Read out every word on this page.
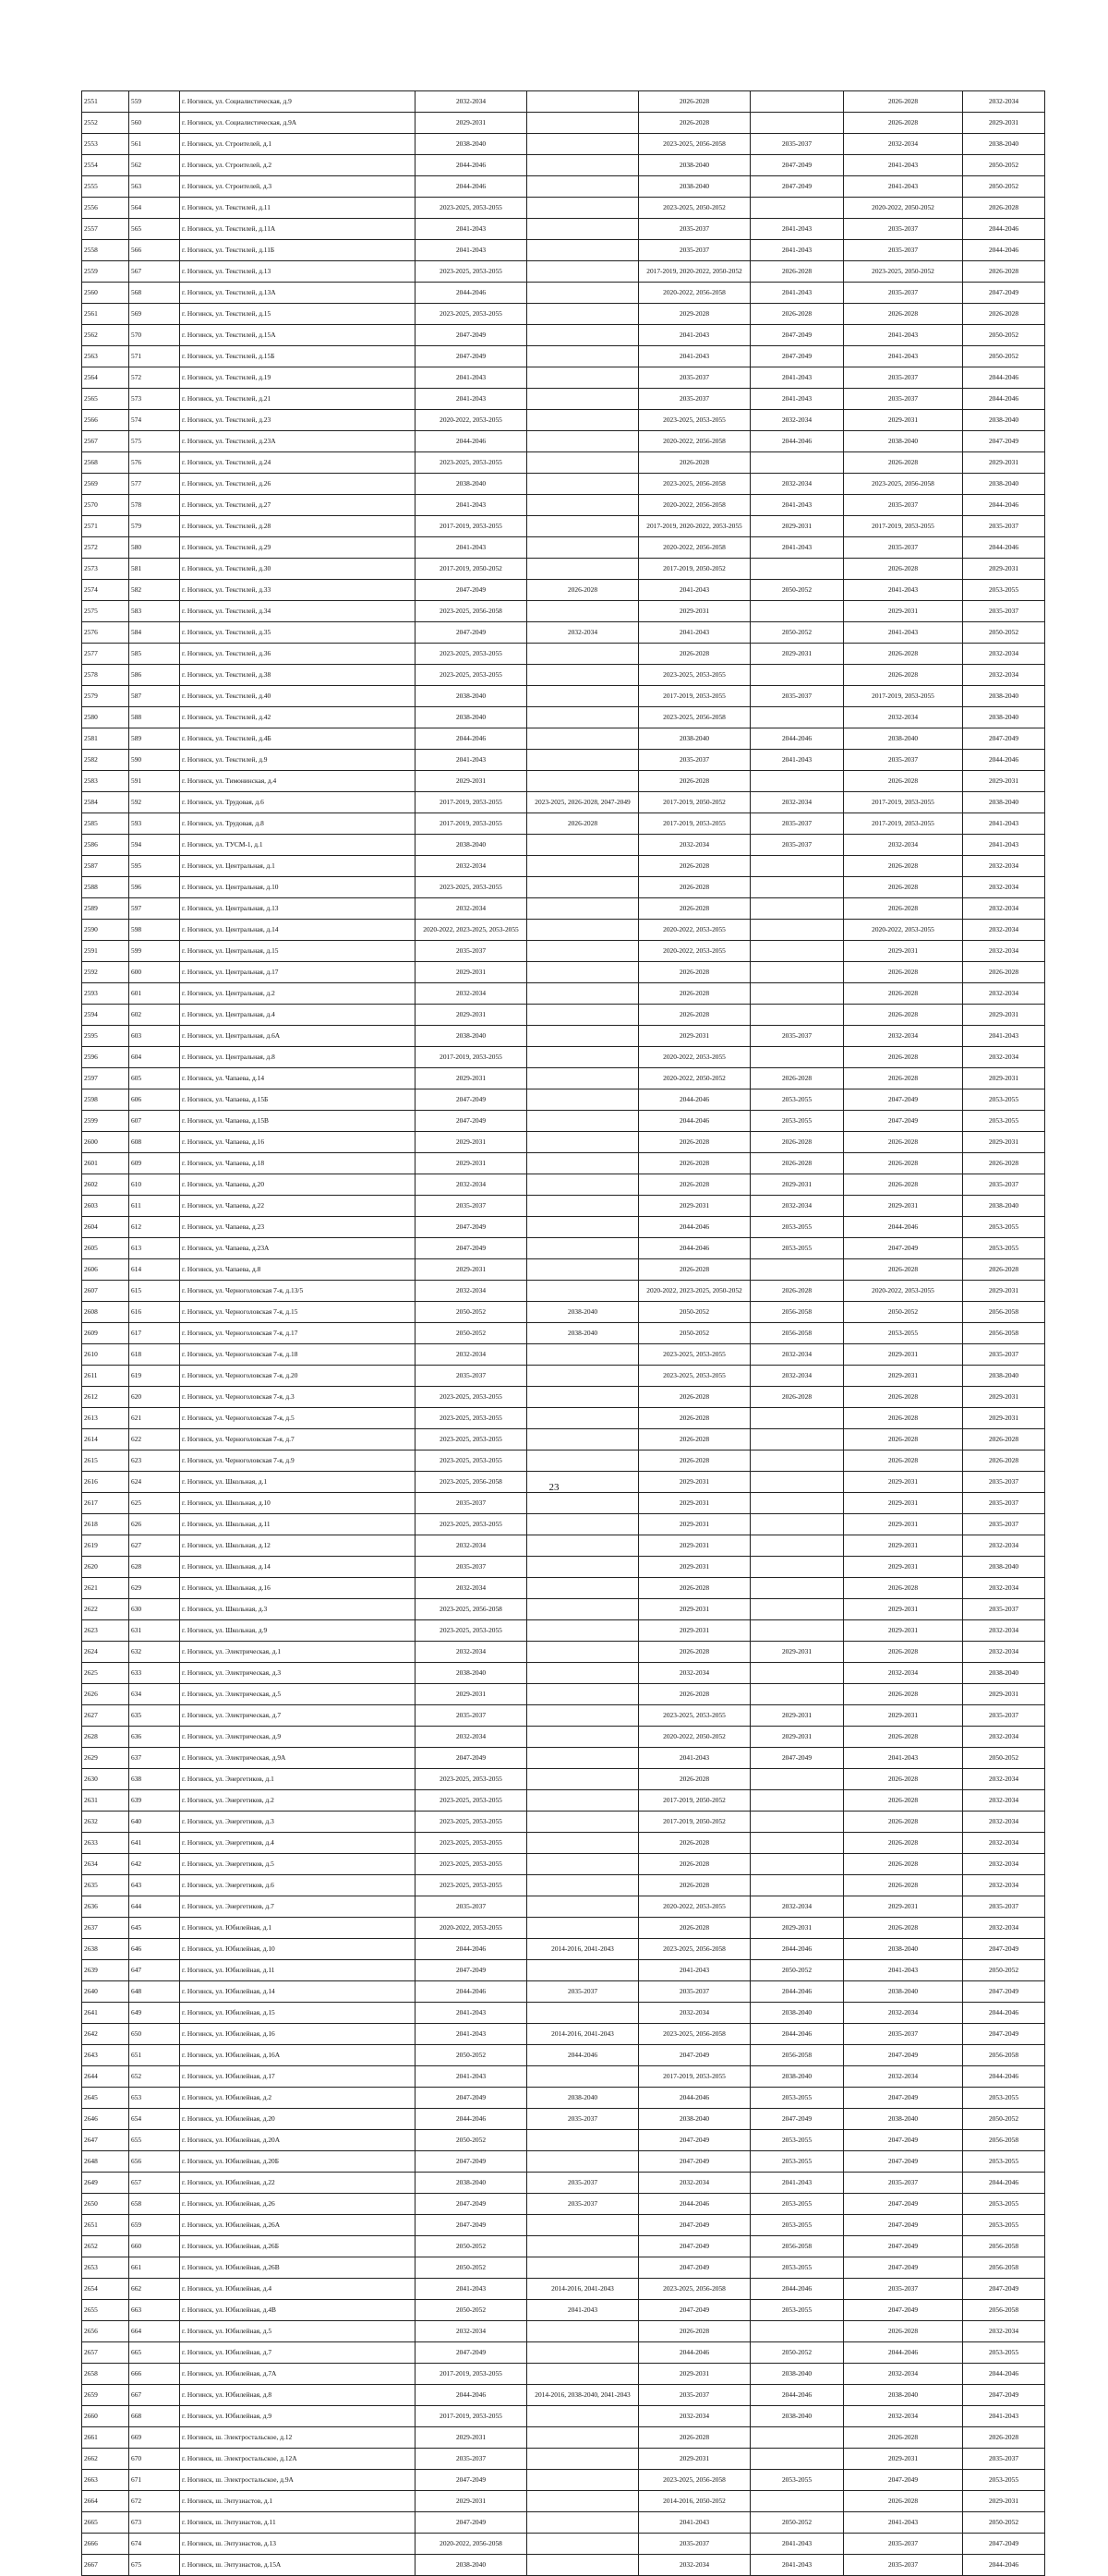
2551	559	г. Ногинск, ул. Социалистическая, д.9	2032-2034		2026-2028		2026-2028	2032-2034
2552	560	г. Ногинск, ул. Социалистическая, д.9А	2029-2031		2026-2028		2026-2028	2029-2031
2553	561	г. Ногинск, ул. Строителей, д.1	2038-2040		2023-2025, 2056-2058	2035-2037	2032-2034	2038-2040
2554	562	г. Ногинск, ул. Строителей, д.2	2044-2046		2038-2040	2047-2049	2041-2043	2050-2052
2555	563	г. Ногинск, ул. Строителей, д.3	2044-2046		2038-2040	2047-2049	2041-2043	2050-2052
2556	564	г. Ногинск, ул. Текстилей, д.11	2023-2025, 2053-2055		2023-2025, 2050-2052		2020-2022, 2050-2052	2026-2028
2557	565	г. Ногинск, ул. Текстилей, д.11А	2041-2043		2035-2037	2041-2043	2035-2037	2044-2046
2558	566	г. Ногинск, ул. Текстилей, д.11Б	2041-2043		2035-2037	2041-2043	2035-2037	2044-2046
2559	567	г. Ногинск, ул. Текстилей, д.13	2023-2025, 2053-2055		2017-2019, 2020-2022, 2050-2052	2026-2028	2023-2025, 2050-2052	2026-2028
2560	568	г. Ногинск, ул. Текстилей, д.13А	2044-2046		2020-2022, 2056-2058	2041-2043	2035-2037	2047-2049
2561	569	г. Ногинск, ул. Текстилей, д.15	2023-2025, 2053-2055		2029-2028	2026-2028	2026-2028	2026-2028
2562	570	г. Ногинск, ул. Текстилей, д.15А	2047-2049		2041-2043	2047-2049	2041-2043	2050-2052
2563	571	г. Ногинск, ул. Текстилей, д.15Б	2047-2049		2041-2043	2047-2049	2041-2043	2050-2052
2564	572	г. Ногинск, ул. Текстилей, д.19	2041-2043		2035-2037	2041-2043	2035-2037	2044-2046
2565	573	г. Ногинск, ул. Текстилей, д.21	2041-2043		2035-2037	2041-2043	2035-2037	2044-2046
2566	574	г. Ногинск, ул. Текстилей, д.23	2020-2022, 2053-2055		2023-2025, 2053-2055	2032-2034	2029-2031	2038-2040
2567	575	г. Ногинск, ул. Текстилей, д.23А	2044-2046		2020-2022, 2056-2058	2044-2046	2038-2040	2047-2049
2568	576	г. Ногинск, ул. Текстилей, д.24	2023-2025, 2053-2055		2026-2028		2026-2028	2029-2031
2569	577	г. Ногинск, ул. Текстилей, д.26	2038-2040		2023-2025, 2056-2058	2032-2034	2023-2025, 2056-2058	2038-2040
2570	578	г. Ногинск, ул. Текстилей, д.27	2041-2043		2020-2022, 2056-2058	2041-2043	2035-2037	2044-2046
2571	579	г. Ногинск, ул. Текстилей, д.28	2017-2019, 2053-2055		2017-2019, 2020-2022, 2053-2055	2029-2031	2017-2019, 2053-2055	2035-2037
2572	580	г. Ногинск, ул. Текстилей, д.29	2041-2043		2020-2022, 2056-2058	2041-2043	2035-2037	2044-2046
2573	581	г. Ногинск, ул. Текстилей, д.30	2017-2019, 2050-2052		2017-2019, 2050-2052		2026-2028	2029-2031
2574	582	г. Ногинск, ул. Текстилей, д.33	2047-2049	2026-2028	2041-2043	2050-2052	2041-2043	2053-2055
2575	583	г. Ногинск, ул. Текстилей, д.34	2023-2025, 2056-2058		2029-2031		2029-2031	2035-2037
2576	584	г. Ногинск, ул. Текстилей, д.35	2047-2049	2032-2034	2041-2043	2050-2052	2041-2043	2050-2052
2577	585	г. Ногинск, ул. Текстилей, д.36	2023-2025, 2053-2055		2026-2028	2029-2031	2026-2028	2032-2034
2578	586	г. Ногинск, ул. Текстилей, д.38	2023-2025, 2053-2055		2023-2025, 2053-2055		2026-2028	2032-2034
2579	587	г. Ногинск, ул. Текстилей, д.40	2038-2040		2017-2019, 2053-2055	2035-2037	2017-2019, 2053-2055	2038-2040
2580	588	г. Ногинск, ул. Текстилей, д.42	2038-2040		2023-2025, 2056-2058		2032-2034	2038-2040
2581	589	г. Ногинск, ул. Текстилей, д.4Б	2044-2046		2038-2040	2044-2046	2038-2040	2047-2049
2582	590	г. Ногинск, ул. Текстилей, д.9	2041-2043		2035-2037	2041-2043	2035-2037	2044-2046
2583	591	г. Ногинск, ул. Тимонинская, д.4	2029-2031		2026-2028		2026-2028	2029-2031
2584	592	г. Ногинск, ул. Трудовая, д.6	2017-2019, 2053-2055	2023-2025, 2026-2028, 2047-2049	2017-2019, 2050-2052	2032-2034	2017-2019, 2053-2055	2038-2040
2585	593	г. Ногинск, ул. Трудовая, д.8	2017-2019, 2053-2055	2026-2028	2017-2019, 2053-2055	2035-2037	2017-2019, 2053-2055	2041-2043
2586	594	г. Ногинск, ул. ТУСМ-1, д.1	2038-2040		2032-2034	2035-2037	2032-2034	2041-2043
2587	595	г. Ногинск, ул. Центральная, д.1	2032-2034		2026-2028		2026-2028	2032-2034
2588	596	г. Ногинск, ул. Центральная, д.10	2023-2025, 2053-2055		2026-2028		2026-2028	2032-2034
2589	597	г. Ногинск, ул. Центральная, д.13	2032-2034		2026-2028		2026-2028	2032-2034
2590	598	г. Ногинск, ул. Центральная, д.14	2020-2022, 2023-2025, 2053-2055		2020-2022, 2053-2055		2020-2022, 2053-2055	2032-2034
2591	599	г. Ногинск, ул. Центральная, д.15	2035-2037		2020-2022, 2053-2055		2029-2031	2032-2034
2592	600	г. Ногинск, ул. Центральная, д.17	2029-2031		2026-2028		2026-2028	2026-2028
2593	601	г. Ногинск, ул. Центральная, д.2	2032-2034		2026-2028		2026-2028	2032-2034
2594	602	г. Ногинск, ул. Центральная, д.4	2029-2031		2026-2028		2026-2028	2029-2031
2595	603	г. Ногинск, ул. Центральная, д.6А	2038-2040		2029-2031	2035-2037	2032-2034	2041-2043
2596	604	г. Ногинск, ул. Центральная, д.8	2017-2019, 2053-2055		2020-2022, 2053-2055		2026-2028	2032-2034
2597	605	г. Ногинск, ул. Чапаева, д.14	2029-2031		2020-2022, 2050-2052	2026-2028	2026-2028	2029-2031
2598	606	г. Ногинск, ул. Чапаева, д.15Б	2047-2049		2044-2046	2053-2055	2047-2049	2053-2055
2599	607	г. Ногинск, ул. Чапаева, д.15В	2047-2049		2044-2046	2053-2055	2047-2049	2053-2055
2600	608	г. Ногинск, ул. Чапаева, д.16	2029-2031		2026-2028	2026-2028	2026-2028	2029-2031
2601	609	г. Ногинск, ул. Чапаева, д.18	2029-2031		2026-2028	2026-2028	2026-2028	2026-2028
2602	610	г. Ногинск, ул. Чапаева, д.20	2032-2034		2026-2028	2029-2031	2026-2028	2035-2037
2603	611	г. Ногинск, ул. Чапаева, д.22	2035-2037		2029-2031	2032-2034	2029-2031	2038-2040
2604	612	г. Ногинск, ул. Чапаева, д.23	2047-2049		2044-2046	2053-2055	2044-2046	2053-2055
2605	613	г. Ногинск, ул. Чапаева, д.23А	2047-2049		2044-2046	2053-2055	2047-2049	2053-2055
2606	614	г. Ногинск, ул. Чапаева, д.8	2029-2031		2026-2028		2026-2028	2026-2028
2607	615	г. Ногинск, ул. Черноголовская 7-я, д.13/5	2032-2034		2020-2022, 2023-2025, 2050-2052	2026-2028	2020-2022, 2053-2055	2029-2031
2608	616	г. Ногинск, ул. Черноголовская 7-я, д.15	2050-2052	2038-2040	2050-2052	2056-2058	2050-2052	2056-2058
2609	617	г. Ногинск, ул. Черноголовская 7-я, д.17	2050-2052	2038-2040	2050-2052	2056-2058	2053-2055	2056-2058
2610	618	г. Ногинск, ул. Черноголовская 7-я, д.18	2032-2034		2023-2025, 2053-2055	2032-2034	2029-2031	2035-2037
2611	619	г. Ногинск, ул. Черноголовская 7-я, д.20	2035-2037		2023-2025, 2053-2055	2032-2034	2029-2031	2038-2040
2612	620	г. Ногинск, ул. Черноголовская 7-я, д.3	2023-2025, 2053-2055		2026-2028	2026-2028	2026-2028	2029-2031
2613	621	г. Ногинск, ул. Черноголовская 7-я, д.5	2023-2025, 2053-2055		2026-2028		2026-2028	2029-2031
2614	622	г. Ногинск, ул. Черноголовская 7-я, д.7	2023-2025, 2053-2055		2026-2028		2026-2028	2026-2028
2615	623	г. Ногинск, ул. Черноголовская 7-я, д.9	2023-2025, 2053-2055		2026-2028		2026-2028	2026-2028
2616	624	г. Ногинск, ул. Школьная, д.1	2023-2025, 2056-2058		2029-2031		2029-2031	2035-2037
2617	625	г. Ногинск, ул. Школьная, д.10	2035-2037		2029-2031		2029-2031	2035-2037
2618	626	г. Ногинск, ул. Школьная, д.11	2023-2025, 2053-2055		2029-2031		2029-2031	2035-2037
2619	627	г. Ногинск, ул. Школьная, д.12	2032-2034		2029-2031		2029-2031	2032-2034
2620	628	г. Ногинск, ул. Школьная, д.14	2035-2037		2029-2031		2029-2031	2038-2040
2621	629	г. Ногинск, ул. Школьная, д.16	2032-2034		2026-2028		2026-2028	2032-2034
2622	630	г. Ногинск, ул. Школьная, д.3	2023-2025, 2056-2058		2029-2031		2029-2031	2035-2037
2623	631	г. Ногинск, ул. Школьная, д.9	2023-2025, 2053-2055		2029-2031		2029-2031	2032-2034
2624	632	г. Ногинск, ул. Электрическая, д.1	2032-2034		2026-2028	2029-2031	2026-2028	2032-2034
2625	633	г. Ногинск, ул. Электрическая, д.3	2038-2040		2032-2034		2032-2034	2038-2040
2626	634	г. Ногинск, ул. Электрическая, д.5	2029-2031		2026-2028		2026-2028	2029-2031
2627	635	г. Ногинск, ул. Электрическая, д.7	2035-2037		2023-2025, 2053-2055	2029-2031	2029-2031	2035-2037
2628	636	г. Ногинск, ул. Электрическая, д.9	2032-2034		2020-2022, 2050-2052	2029-2031	2026-2028	2032-2034
2629	637	г. Ногинск, ул. Электрическая, д.9А	2047-2049		2041-2043	2047-2049	2041-2043	2050-2052
2630	638	г. Ногинск, ул. Энергетиков, д.1	2023-2025, 2053-2055		2026-2028		2026-2028	2032-2034
2631	639	г. Ногинск, ул. Энергетиков, д.2	2023-2025, 2053-2055		2017-2019, 2050-2052		2026-2028	2032-2034
2632	640	г. Ногинск, ул. Энергетиков, д.3	2023-2025, 2053-2055		2017-2019, 2050-2052		2026-2028	2032-2034
2633	641	г. Ногинск, ул. Энергетиков, д.4	2023-2025, 2053-2055		2026-2028		2026-2028	2032-2034
2634	642	г. Ногинск, ул. Энергетиков, д.5	2023-2025, 2053-2055		2026-2028		2026-2028	2032-2034
2635	643	г. Ногинск, ул. Энергетиков, д.6	2023-2025, 2053-2055		2026-2028		2026-2028	2032-2034
2636	644	г. Ногинск, ул. Энергетиков, д.7	2035-2037		2020-2022, 2053-2055	2032-2034	2029-2031	2035-2037
2637	645	г. Ногинск, ул. Юбилейная, д.1	2020-2022, 2053-2055		2026-2028	2029-2031	2026-2028	2032-2034
2638	646	г. Ногинск, ул. Юбилейная, д.10	2044-2046	2014-2016, 2041-2043	2023-2025, 2056-2058	2044-2046	2038-2040	2047-2049
2639	647	г. Ногинск, ул. Юбилейная, д.11	2047-2049		2041-2043	2050-2052	2041-2043	2050-2052
2640	648	г. Ногинск, ул. Юбилейная, д.14	2044-2046	2035-2037	2035-2037	2044-2046	2038-2040	2047-2049
2641	649	г. Ногинск, ул. Юбилейная, д.15	2041-2043		2032-2034	2038-2040	2032-2034	2044-2046
2642	650	г. Ногинск, ул. Юбилейная, д.16	2041-2043	2014-2016, 2041-2043	2023-2025, 2056-2058	2044-2046	2035-2037	2047-2049
2643	651	г. Ногинск, ул. Юбилейная, д.16А	2050-2052	2044-2046	2047-2049	2056-2058	2047-2049	2056-2058
2644	652	г. Ногинск, ул. Юбилейная, д.17	2041-2043		2017-2019, 2053-2055	2038-2040	2032-2034	2044-2046
2645	653	г. Ногинск, ул. Юбилейная, д.2	2047-2049	2038-2040	2044-2046	2053-2055	2047-2049	2053-2055
2646	654	г. Ногинск, ул. Юбилейная, д.20	2044-2046	2035-2037	2038-2040	2047-2049	2038-2040	2050-2052
2647	655	г. Ногинск, ул. Юбилейная, д.20А	2050-2052		2047-2049	2053-2055	2047-2049	2056-2058
2648	656	г. Ногинск, ул. Юбилейная, д.20Б	2047-2049		2047-2049	2053-2055	2047-2049	2053-2055
2649	657	г. Ногинск, ул. Юбилейная, д.22	2038-2040	2035-2037	2032-2034	2041-2043	2035-2037	2044-2046
2650	658	г. Ногинск, ул. Юбилейная, д.26	2047-2049	2035-2037	2044-2046	2053-2055	2047-2049	2053-2055
2651	659	г. Ногинск, ул. Юбилейная, д.26А	2047-2049		2047-2049	2053-2055	2047-2049	2053-2055
2652	660	г. Ногинск, ул. Юбилейная, д.26Б	2050-2052		2047-2049	2056-2058	2047-2049	2056-2058
2653	661	г. Ногинск, ул. Юбилейная, д.26В	2050-2052		2047-2049	2053-2055	2047-2049	2056-2058
2654	662	г. Ногинск, ул. Юбилейная, д.4	2041-2043	2014-2016, 2041-2043	2023-2025, 2056-2058	2044-2046	2035-2037	2047-2049
2655	663	г. Ногинск, ул. Юбилейная, д.4В	2050-2052	2041-2043	2047-2049	2053-2055	2047-2049	2056-2058
2656	664	г. Ногинск, ул. Юбилейная, д.5	2032-2034		2026-2028		2026-2028	2032-2034
2657	665	г. Ногинск, ул. Юбилейная, д.7	2047-2049		2044-2046	2050-2052	2044-2046	2053-2055
2658	666	г. Ногинск, ул. Юбилейная, д.7А	2017-2019, 2053-2055		2029-2031	2038-2040	2032-2034	2044-2046
2659	667	г. Ногинск, ул. Юбилейная, д.8	2044-2046	2014-2016, 2038-2040, 2041-2043	2035-2037	2044-2046	2038-2040	2047-2049
2660	668	г. Ногинск, ул. Юбилейная, д.9	2017-2019, 2053-2055		2032-2034	2038-2040	2032-2034	2041-2043
2661	669	г. Ногинск, ш. Электростальское, д.12	2029-2031		2026-2028		2026-2028	2026-2028
2662	670	г. Ногинск, ш. Электростальское, д.12А	2035-2037		2029-2031		2029-2031	2035-2037
2663	671	г. Ногинск, ш. Электростальское, д.9А	2047-2049		2023-2025, 2056-2058	2053-2055	2047-2049	2053-2055
2664	672	г. Ногинск, ш. Энтузиастов, д.1	2029-2031		2014-2016, 2050-2052		2026-2028	2029-2031
2665	673	г. Ногинск, ш. Энтузиастов, д.11	2047-2049		2041-2043	2050-2052	2041-2043	2050-2052
2666	674	г. Ногинск, ш. Энтузиастов, д.13	2020-2022, 2056-2058		2035-2037	2041-2043	2035-2037	2047-2049
2667	675	г. Ногинск, ш. Энтузиастов, д.15А	2038-2040		2032-2034	2041-2043	2035-2037	2044-2046
23
